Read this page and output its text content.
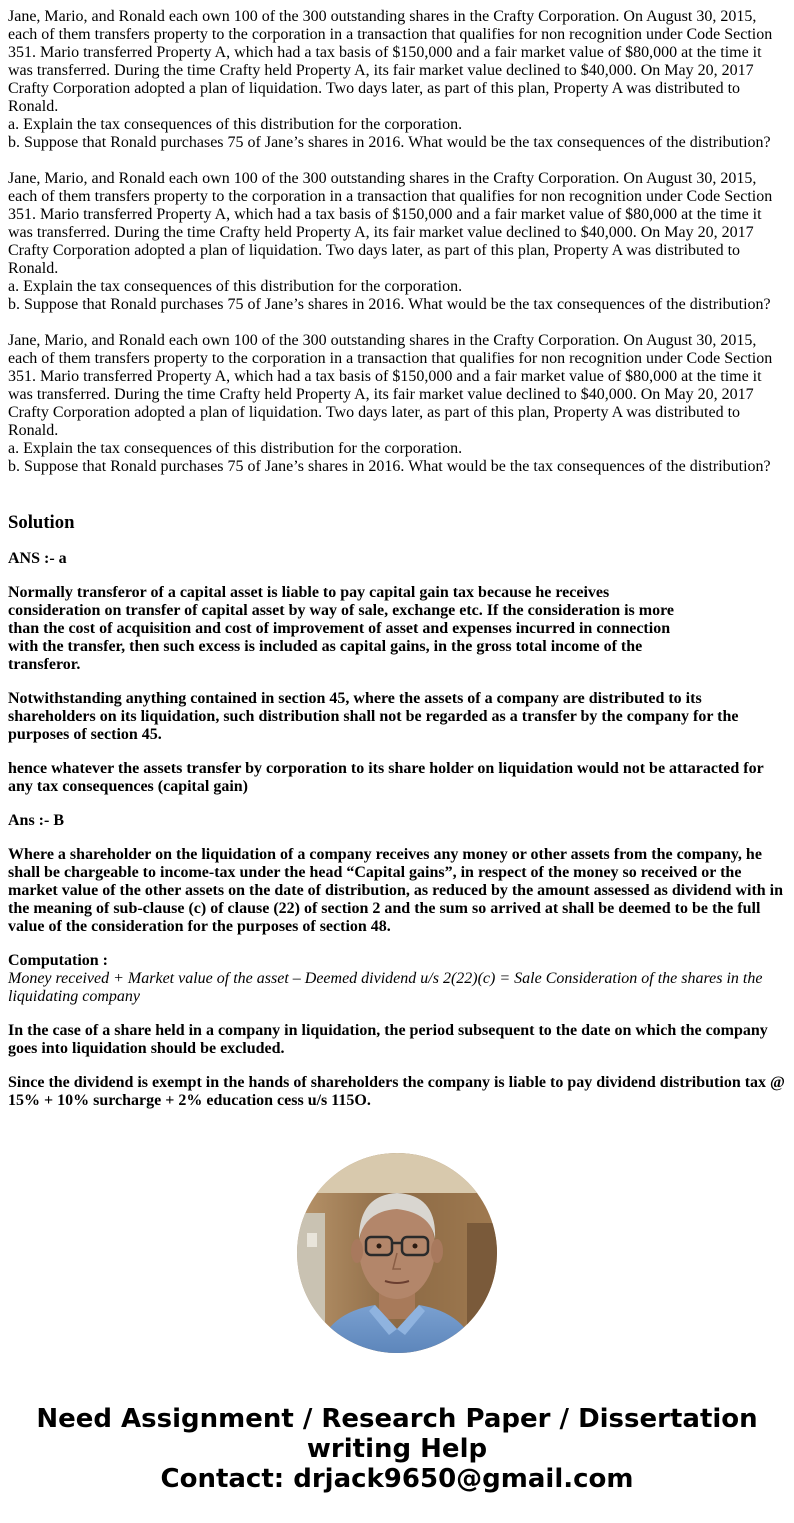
Jane, Mario, and Ronald each own 100 of the 300 outstanding shares in the Crafty Corporation. On August 30, 2015, each of them transfers property to the corporation in a transaction that qualifies for non recognition under Code Section 351. Mario transferred Property A, which had a tax basis of $150,000 and a fair market value of $80,000 at the time it was transferred. During the time Crafty held Property A, its fair market value declined to $40,000. On May 20, 2017 Crafty Corporation adopted a plan of liquidation. Two days later, as part of this plan, Property A was distributed to Ronald.

a. Explain the tax consequences of this distribution for the corporation.

b. Suppose that Ronald purchases 75 of Jane’s shares in 2016. What would be the tax consequences of the distribution?

Jane, Mario, and Ronald each own 100 of the 300 outstanding shares in the Crafty Corporation. On August 30, 2015, each of them transfers property to the corporation in a transaction that qualifies for non recognition under Code Section 351. Mario transferred Property A, which had a tax basis of $150,000 and a fair market value of $80,000 at the time it was transferred. During the time Crafty held Property A, its fair market value declined to $40,000. On May 20, 2017 Crafty Corporation adopted a plan of liquidation. Two days later, as part of this plan, Property A was distributed to Ronald.

a. Explain the tax consequences of this distribution for the corporation.

b. Suppose that Ronald purchases 75 of Jane’s shares in 2016. What would be the tax consequences of the distribution?

Jane, Mario, and Ronald each own 100 of the 300 outstanding shares in the Crafty Corporation. On August 30, 2015, each of them transfers property to the corporation in a transaction that qualifies for non recognition under Code Section 351. Mario transferred Property A, which had a tax basis of $150,000 and a fair market value of $80,000 at the time it was transferred. During the time Crafty held Property A, its fair market value declined to $40,000. On May 20, 2017 Crafty Corporation adopted a plan of liquidation. Two days later, as part of this plan, Property A was distributed to Ronald.

a. Explain the tax consequences of this distribution for the corporation.

b. Suppose that Ronald purchases 75 of Jane’s shares in 2016. What would be the tax consequences of the distribution?

Solution

ANS :- a

Normally transferor of a capital asset is liable to pay capital gain tax because he receives consideration on transfer of capital asset by way of sale, exchange etc. If the consideration is more than the cost of acquisition and cost of improvement of asset and expenses incurred in connection with the transfer, then such excess is included as capital gains, in the gross total income of the transferor.

Notwithstanding anything contained in section 45, where the assets of a company are distributed to its shareholders on its liquidation, such distribution shall not be regarded as a transfer by the company for the purposes of section 45.

hence whatever the assets transfer by corporation to its share holder on liquidation would not be attaracted for any tax consequences (capital gain)

Ans :- B

Where a shareholder on the liquidation of a company receives any money or other assets from the company, he shall be chargeable to income-tax under the head “Capital gains”, in respect of the money so received or the market value of the other assets on the date of distribution, as reduced by the amount assessed as dividend with in the meaning of sub-clause (c) of clause (22) of section 2 and the sum so arrived at shall be deemed to be the full value of the consideration for the purposes of section 48.

Computation :
Money received + Market value of the asset – Deemed dividend u/s 2(22)(c) = Sale Consideration of the shares in the liquidating company

In the case of a share held in a company in liquidation, the period subsequent to the date on which the company goes into liquidation should be excluded.

Since the dividend is exempt in the hands of shareholders the company is liable to pay dividend distribution tax @ 15% + 10% surcharge + 2% education cess u/s 115O.

Need Assignment / Research Paper / Dissertation
writing Help
Contact: drjack9650@gmail.com
